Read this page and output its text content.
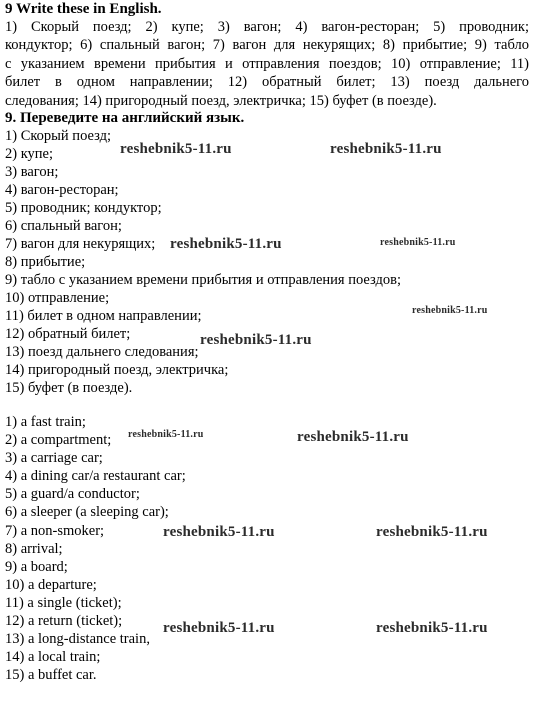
9 Write these in English.
1) Скорый поезд; 2) купе; 3) вагон; 4) вагон-ресторан; 5) проводник;
кондуктор; 6) спальный вагон; 7) вагон для некурящих; 8) прибытие; 9) табло
с указанием времени прибытия и отправления поездов; 10) отправление; 11)
билет в одном направлении; 12) обратный билет; 13) поезд дальнего
следования; 14) пригородный поезд, электричка; 15) буфет (в поезде).
9. Переведите на английский язык.
1) Скорый поезд;
2) купе;
3) вагон;
4) вагон-ресторан;
5) проводник; кондуктор;
6) спальный вагон;
7) вагон для некурящих;
8) прибытие;
9) табло с указанием времени прибытия и отправления поездов;
10) отправление;
11) билет в одном направлении;
12) обратный билет;
13) поезд дальнего следования;
14) пригородный поезд, электричка;
15) буфет (в поезде).
1) a fast train;
2) a compartment;
3) a carriage car;
4) a dining car/a restaurant car;
5) a guard/a conductor;
6) a sleeper (a sleeping car);
7) a non-smoker;
8) arrival;
9) a board;
10) a departure;
11) a single (ticket);
12) a return (ticket);
13) a long-distance train,
14) a local train;
15) a buffet car.
reshebnik5-11.ru	reshebnik5-11.ru
reshebnik5-11.ru	reshebnik5-11.ru
reshebnik5-11.ru
reshebnik5-11.ru
reshebnik5-11.ru	reshebnik5-11.ru
reshebnik5-11.ru	reshebnik5-11.ru
reshebnik5-11.ru	reshebnik5-11.ru
